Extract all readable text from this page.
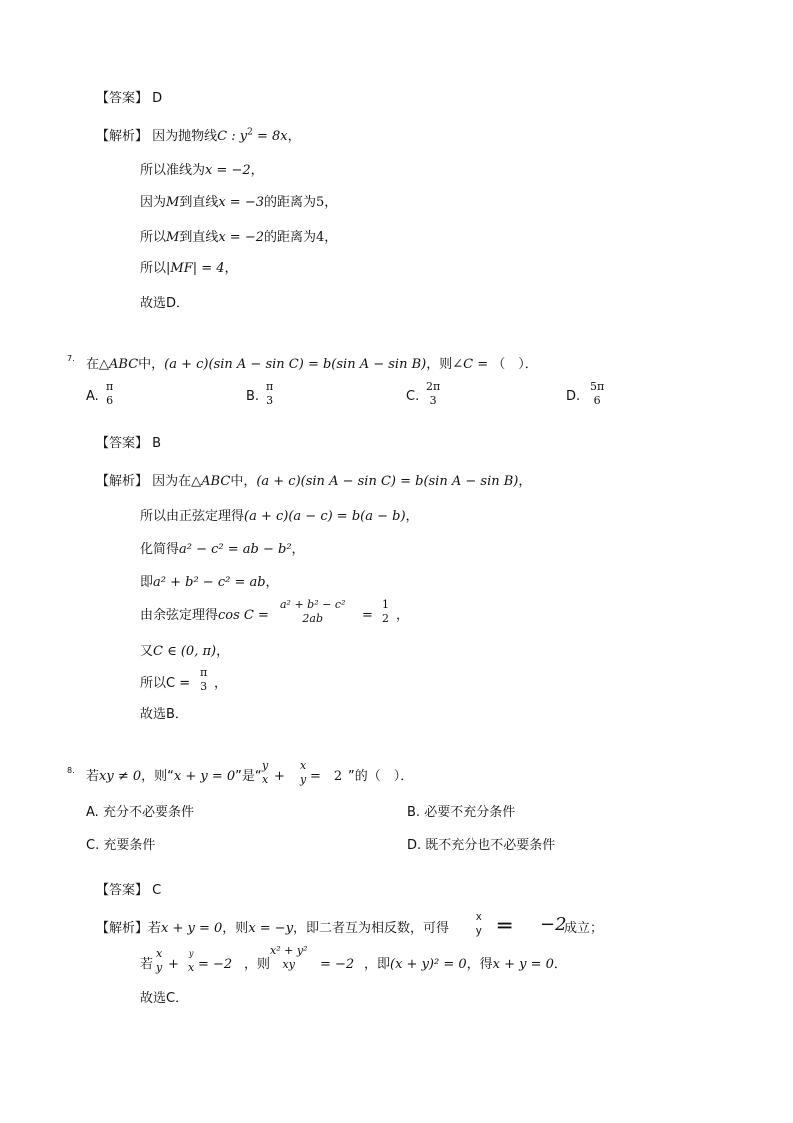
【答案】 D
【解析】 因为抛物线C : $y^2 = 8x$，
所以准线为x = −2，
因为M到直线x = −3的距离为5，
所以M到直线x = −2的距离为4，
所以|MF| = 4，
故选D．
7. 在△ABC中，(a + c)(sin A − sin C) = b(sin A − sin B)，则∠C = （　）．
A.
π
6	B.
π
3	C.
2π
3	D.
5π
6
【答案】 B
【解析】 因为在△ABC中，(a + c)(sin A − sin C) = b(sin A − sin B)，
所以由正弦定理得(a + c)(a − c) = b(a − b)，
化简得a² − c² = ab − b²，
即a² + b² − c² = ab，
由余弦定理得cos C =
a² + b² − c²
2ab	=
1
2 ，
又C ∈ (0, π)，
所以C =
π
3 ，
故选B．
8. 若xy ≠ 0，则“x + y = 0”是“
y
x +
x
y =　2 ”的（　）．
A. 充分不必要条件	B. 必要不充分条件
C. 充要条件	D. 既不充分也不必要条件
【答案】 C
【解析】若x + y = 0，则x = −y，即二者互为相反数，可得
x
y ═ −2
成立；
若
x
y +
y
x = −2 ，则
x² + y²
xy	= −2 ，即(x + y)² = 0，得x + y = 0．
故选C．
